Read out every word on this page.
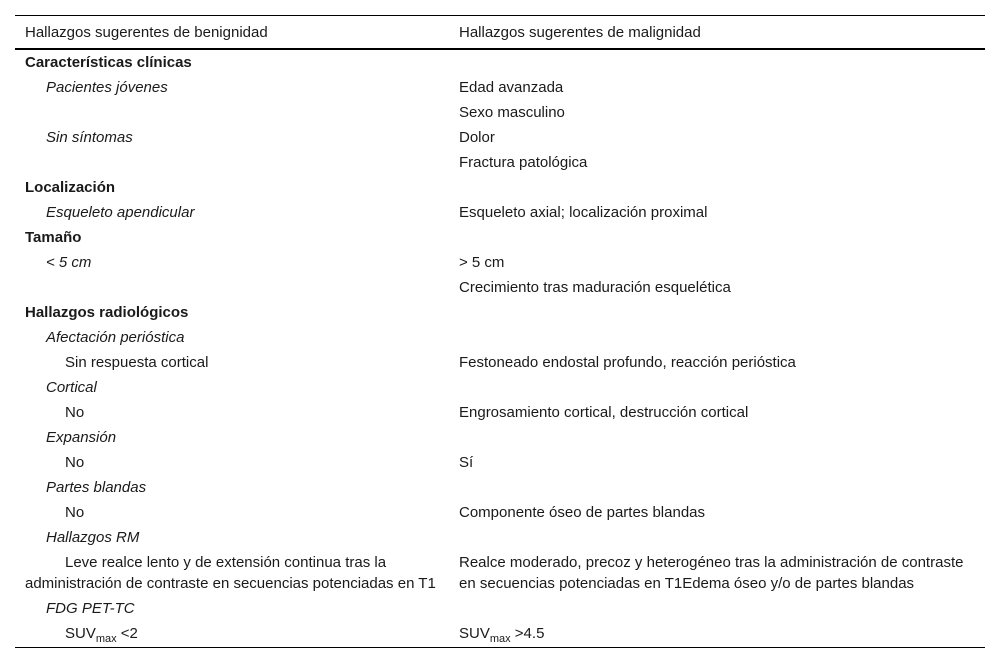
Hallazgos sugerentes de benignidad	Hallazgos sugerentes de malignidad
Características clínicas	
Pacientes jóvenes	Edad avanzada
	Sexo masculino
Sin síntomas	Dolor
	Fractura patológica
Localización	
Esqueleto apendicular	Esqueleto axial; localización proximal
Tamaño	
< 5 cm	> 5 cm
	Crecimiento tras maduración esquelética
Hallazgos radiológicos	
Afectación perióstica	
Sin respuesta cortical	Festoneado endostal profundo, reacción perióstica
Cortical	
No	Engrosamiento cortical, destrucción cortical
Expansión	
No	Sí
Partes blandas	
No	Componente óseo de partes blandas
Hallazgos RM	
Leve realce lento y de extensión continua tras la administración de contraste en secuencias potenciadas en T1	Realce moderado, precoz y heterogéneo tras la administración de contraste en secuencias potenciadas en T1Edema óseo y/o de partes blandas
FDG PET-TC	
$SUV_{max} <2$	$SUV_{max} >4.5$
